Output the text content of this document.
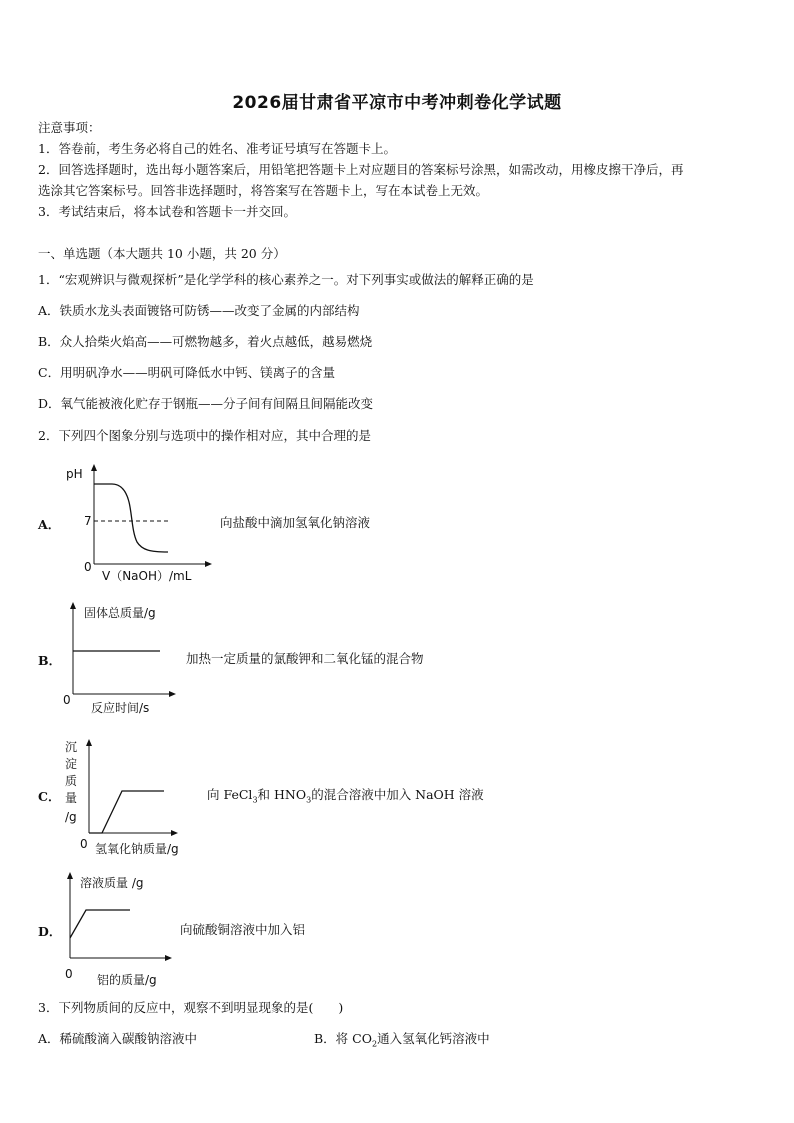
2026届甘肃省平凉市中考冲刺卷化学试题
注意事项：
1．答卷前，考生务必将自己的姓名、准考证号填写在答题卡上。
2．回答选择题时，选出每小题答案后，用铅笔把答题卡上对应题目的答案标号涂黑，如需改动，用橡皮擦干净后，再
选涂其它答案标号。回答非选择题时，将答案写在答题卡上，写在本试卷上无效。
3．考试结束后，将本试卷和答题卡一并交回。
一、单选题（本大题共 10 小题，共 20 分）
1．“宏观辨识与微观探析”是化学学科的核心素养之一。对下列事实或做法的解释正确的是
A．铁质水龙头表面镀铬可防锈——改变了金属的内部结构
B．众人拾柴火焰高——可燃物越多，着火点越低，越易燃烧
C．用明矾净水——明矾可降低水中钙、镁离子的含量
D．氧气能被液化贮存于钢瓶——分子间有间隔且间隔能改变
2．下列四个图象分别与选项中的操作相对应，其中合理的是
A．
pH
7
0
V（NaOH）/mL
向盐酸中滴加氢氧化钠溶液
B．
固体总质量/g
0
反应时间/s
加热一定质量的氯酸钾和二氧化锰的混合物
C．
沉
淀
质
量
/g
0 氢氧化钠质量/g
向 FeCl$_3$和 $HNO_3$的混合溶液中加入 NaOH 溶液
D．
溶液质量 /g
0 铝的质量/g
向硫酸铜溶液中加入铝
3．下列物质间的反应中，观察不到明显现象的是(　　)
A．稀硫酸滴入碳酸钠溶液中	B．将 $CO_2$通入氢氧化钙溶液中
